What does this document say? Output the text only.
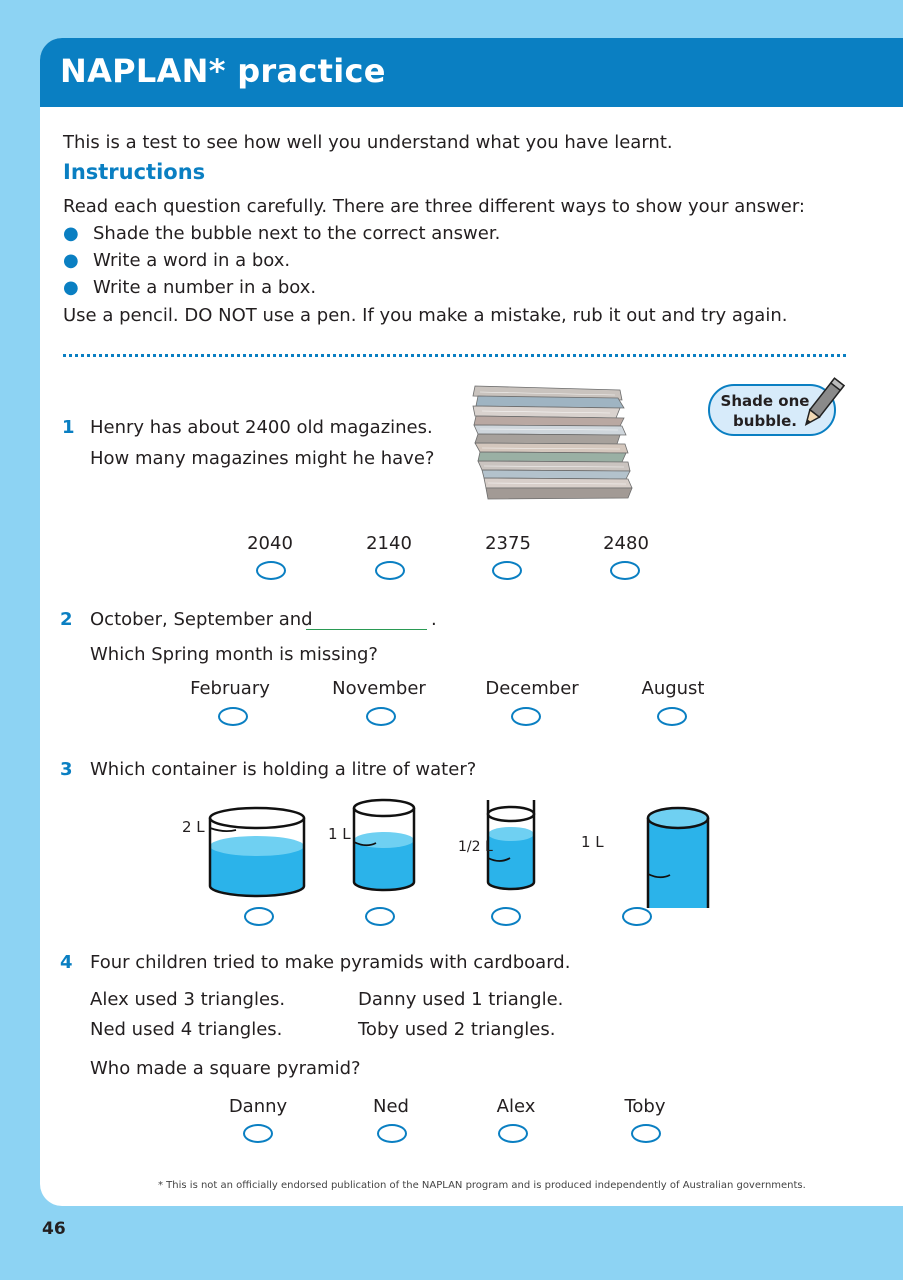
NAPLAN* practice
This is a test to see how well you understand what you have learnt.
Instructions
Read each question carefully. There are three different ways to show your answer:
● Shade the bubble next to the correct answer.
● Write a word in a box.
● Write a number in a box.
Use a pencil. DO NOT use a pen. If you make a mistake, rub it out and try again.
Shade one
bubble.
1 Henry has about 2400 old magazines.
How many magazines might he have?
2040	2140	2375	2480
2 October, September and	.
Which Spring month is missing?
February	November	December	August
3 Which container is holding a litre of water?
2 L	1 L
1/2 L	1 L
4 Four children tried to make pyramids with cardboard.
Alex used 3 triangles.	Danny used 1 triangle.
Ned used 4 triangles.	Toby used 2 triangles.
Who made a square pyramid?
Danny	Ned	Alex	Toby
* This is not an officially endorsed publication of the NAPLAN program and is produced independently of Australian governments.
46
